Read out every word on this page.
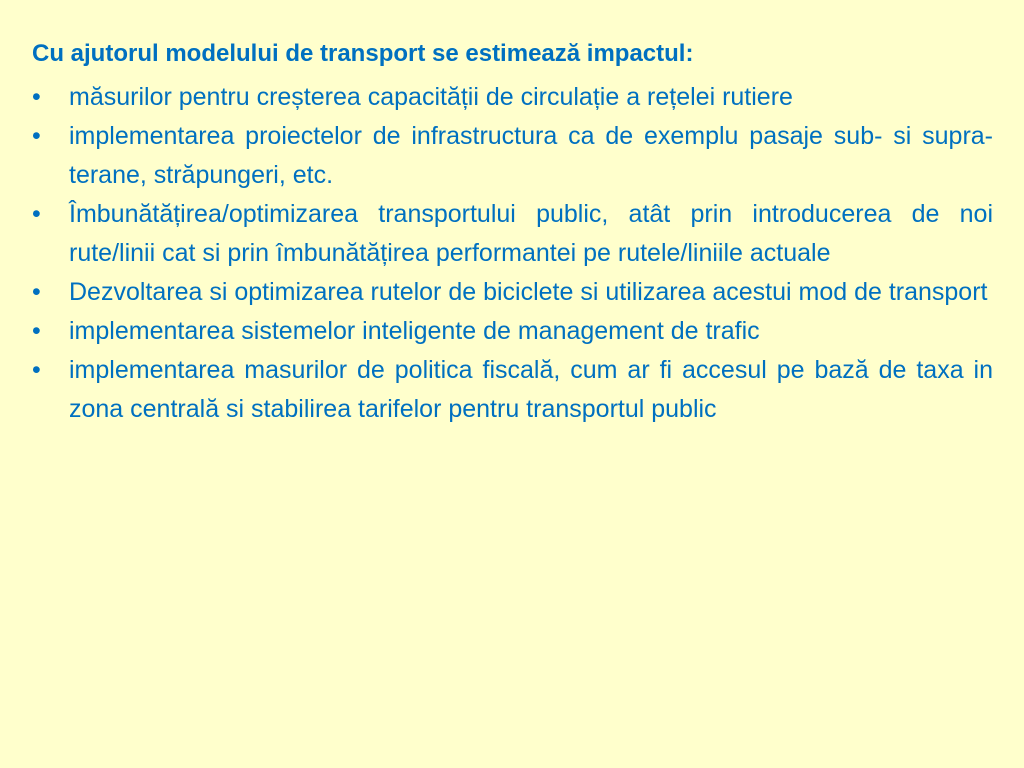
Cu ajutorul modelului de transport se estimează impactul:
•	măsurilor pentru creșterea capacității de circulație a rețelei rutiere
•	implementarea proiectelor de infrastructura ca de exemplu pasaje sub- si supra-terane, străpungeri, etc.
•	Îmbunătățirea/optimizarea transportului public, atât prin introducerea de noi rute/linii cat si prin îmbunătățirea performantei pe rutele/liniile actuale
•	Dezvoltarea si optimizarea rutelor de biciclete si utilizarea acestui mod de transport
•	implementarea sistemelor inteligente de management de trafic
•	implementarea masurilor de politica fiscală, cum ar fi accesul pe bază de taxa in zona centrală si stabilirea tarifelor pentru transportul public
